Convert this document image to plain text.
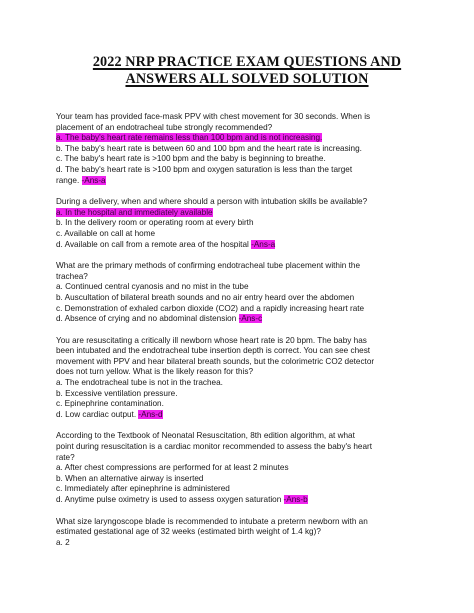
2022 NRP PRACTICE EXAM QUESTIONS AND
ANSWERS ALL SOLVED SOLUTION
Your team has provided face-mask PPV with chest movement for 30 seconds. When is
placement of an endotracheal tube strongly recommended?
a. The baby's heart rate remains less than 100 bpm and is not increasing.
b. The baby's heart rate is between 60 and 100 bpm and the heart rate is increasing.
c. The baby's heart rate is >100 bpm and the baby is beginning to breathe.
d. The baby's heart rate is >100 bpm and oxygen saturation is less than the target
range. -Ans-a
During a delivery, when and where should a person with intubation skills be available?
a. In the hospital and immediately available
b. In the delivery room or operating room at every birth
c. Available on call at home
d. Available on call from a remote area of the hospital -Ans-a
What are the primary methods of confirming endotracheal tube placement within the
trachea?
a. Continued central cyanosis and no mist in the tube
b. Auscultation of bilateral breath sounds and no air entry heard over the abdomen
c. Demonstration of exhaled carbon dioxide (CO2) and a rapidly increasing heart rate
d. Absence of crying and no abdominal distension -Ans-c
You are resuscitating a critically ill newborn whose heart rate is 20 bpm. The baby has
been intubated and the endotracheal tube insertion depth is correct. You can see chest
movement with PPV and hear bilateral breath sounds, but the colorimetric CO2 detector
does not turn yellow. What is the likely reason for this?
a. The endotracheal tube is not in the trachea.
b. Excessive ventilation pressure.
c. Epinephrine contamination.
d. Low cardiac output. -Ans-d
According to the Textbook of Neonatal Resuscitation, 8th edition algorithm, at what
point during resuscitation is a cardiac monitor recommended to assess the baby's heart
rate?
a. After chest compressions are performed for at least 2 minutes
b. When an alternative airway is inserted
c. Immediately after epinephrine is administered
d. Anytime pulse oximetry is used to assess oxygen saturation -Ans-b
What size laryngoscope blade is recommended to intubate a preterm newborn with an
estimated gestational age of 32 weeks (estimated birth weight of 1.4 kg)?
a. 2
